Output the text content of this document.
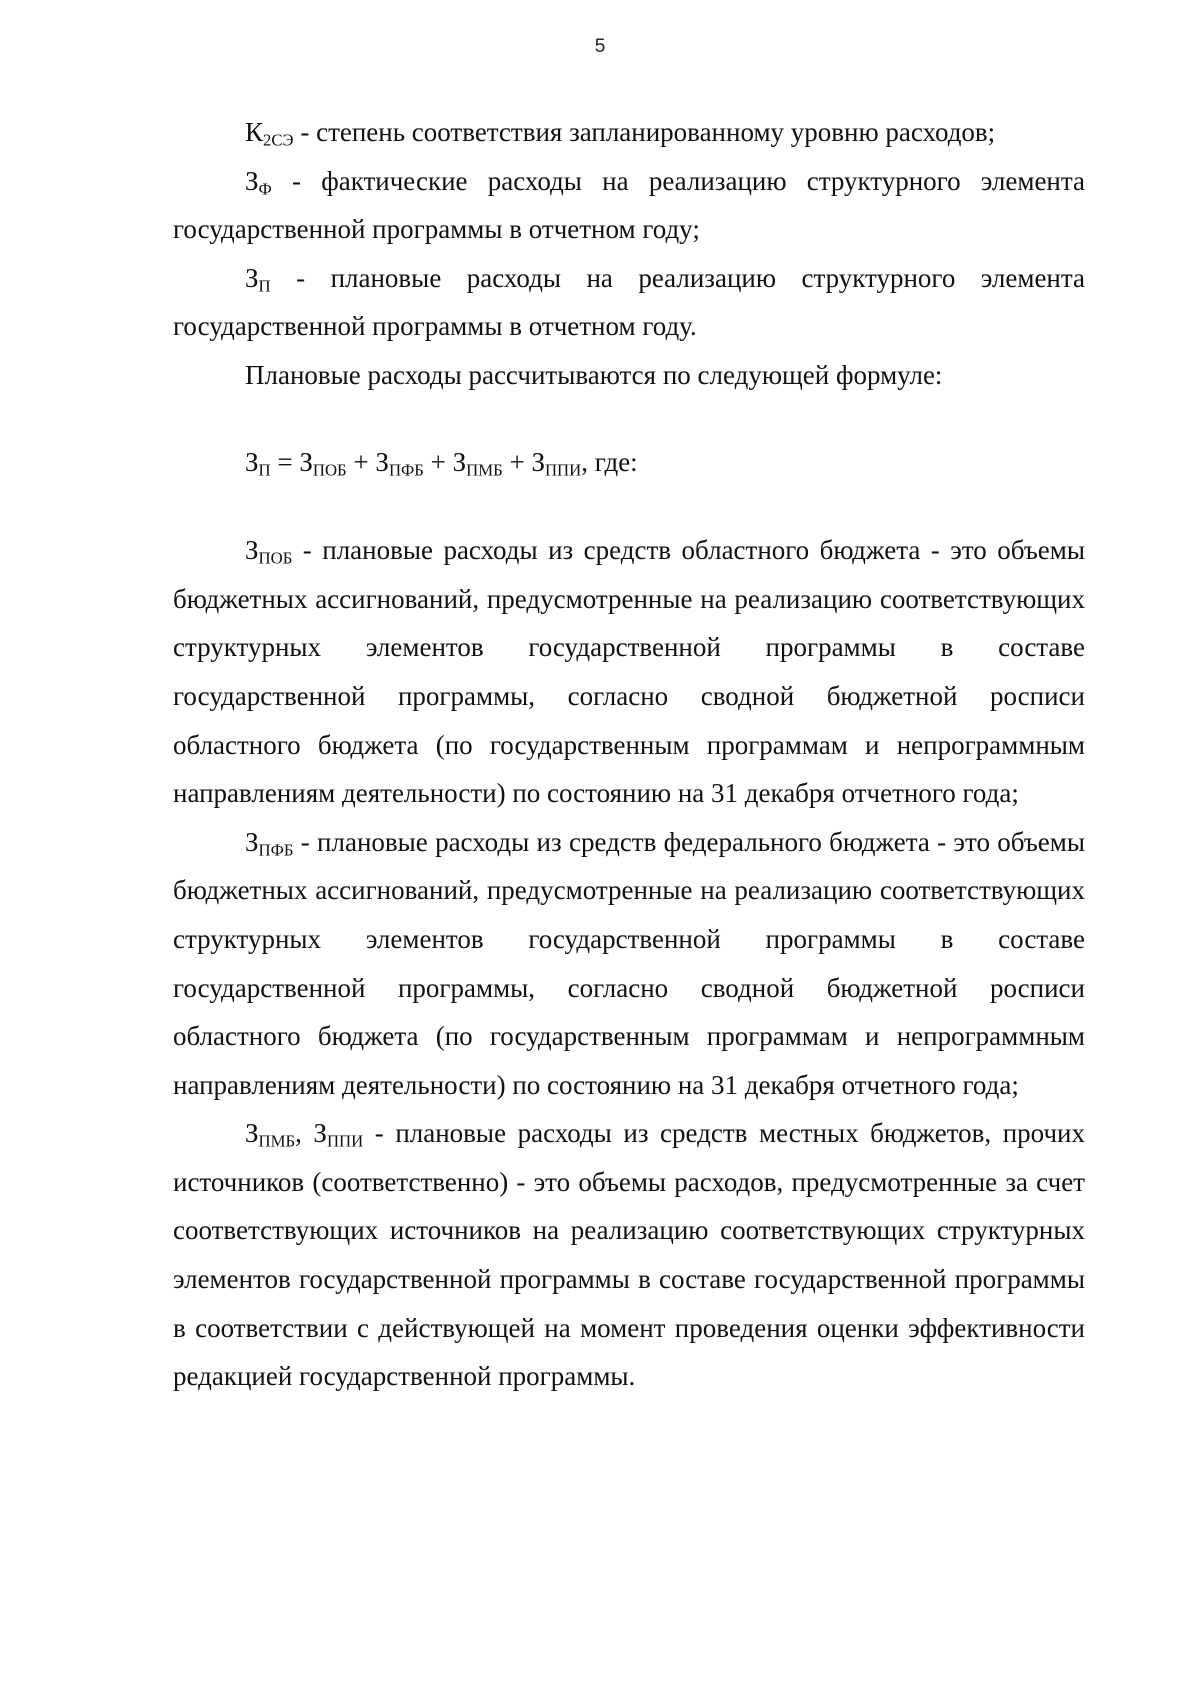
5

$К_{2СЭ}$ - степень соответствия запланированному уровню расходов;

$З_Ф$ - фактические расходы на реализацию структурного элемента государственной программы в отчетном году;

$З_П$ - плановые расходы на реализацию структурного элемента государственной программы в отчетном году.

Плановые расходы рассчитываются по следующей формуле:

$З_П = З_{ПОБ} + З_{ПФБ} + З_{ПМБ} + З_{ППИ}$, где:

$З_{ПОБ}$ - плановые расходы из средств областного бюджета - это объемы бюджетных ассигнований, предусмотренные на реализацию соответствующих структурных элементов государственной программы в составе государственной программы, согласно сводной бюджетной росписи областного бюджета (по государственным программам и непрограммным направлениям деятельности) по состоянию на 31 декабря отчетного года;

$З_{ПФБ}$ - плановые расходы из средств федерального бюджета - это объемы бюджетных ассигнований, предусмотренные на реализацию соответствующих структурных элементов государственной программы в составе государственной программы, согласно сводной бюджетной росписи областного бюджета (по государственным программам и непрограммным направлениям деятельности) по состоянию на 31 декабря отчетного года;

$З_{ПМБ}$, $З_{ППИ}$ - плановые расходы из средств местных бюджетов, прочих источников (соответственно) - это объемы расходов, предусмотренные за счет соответствующих источников на реализацию соответствующих структурных элементов государственной программы в составе государственной программы в соответствии с действующей на момент проведения оценки эффективности редакцией государственной программы.
